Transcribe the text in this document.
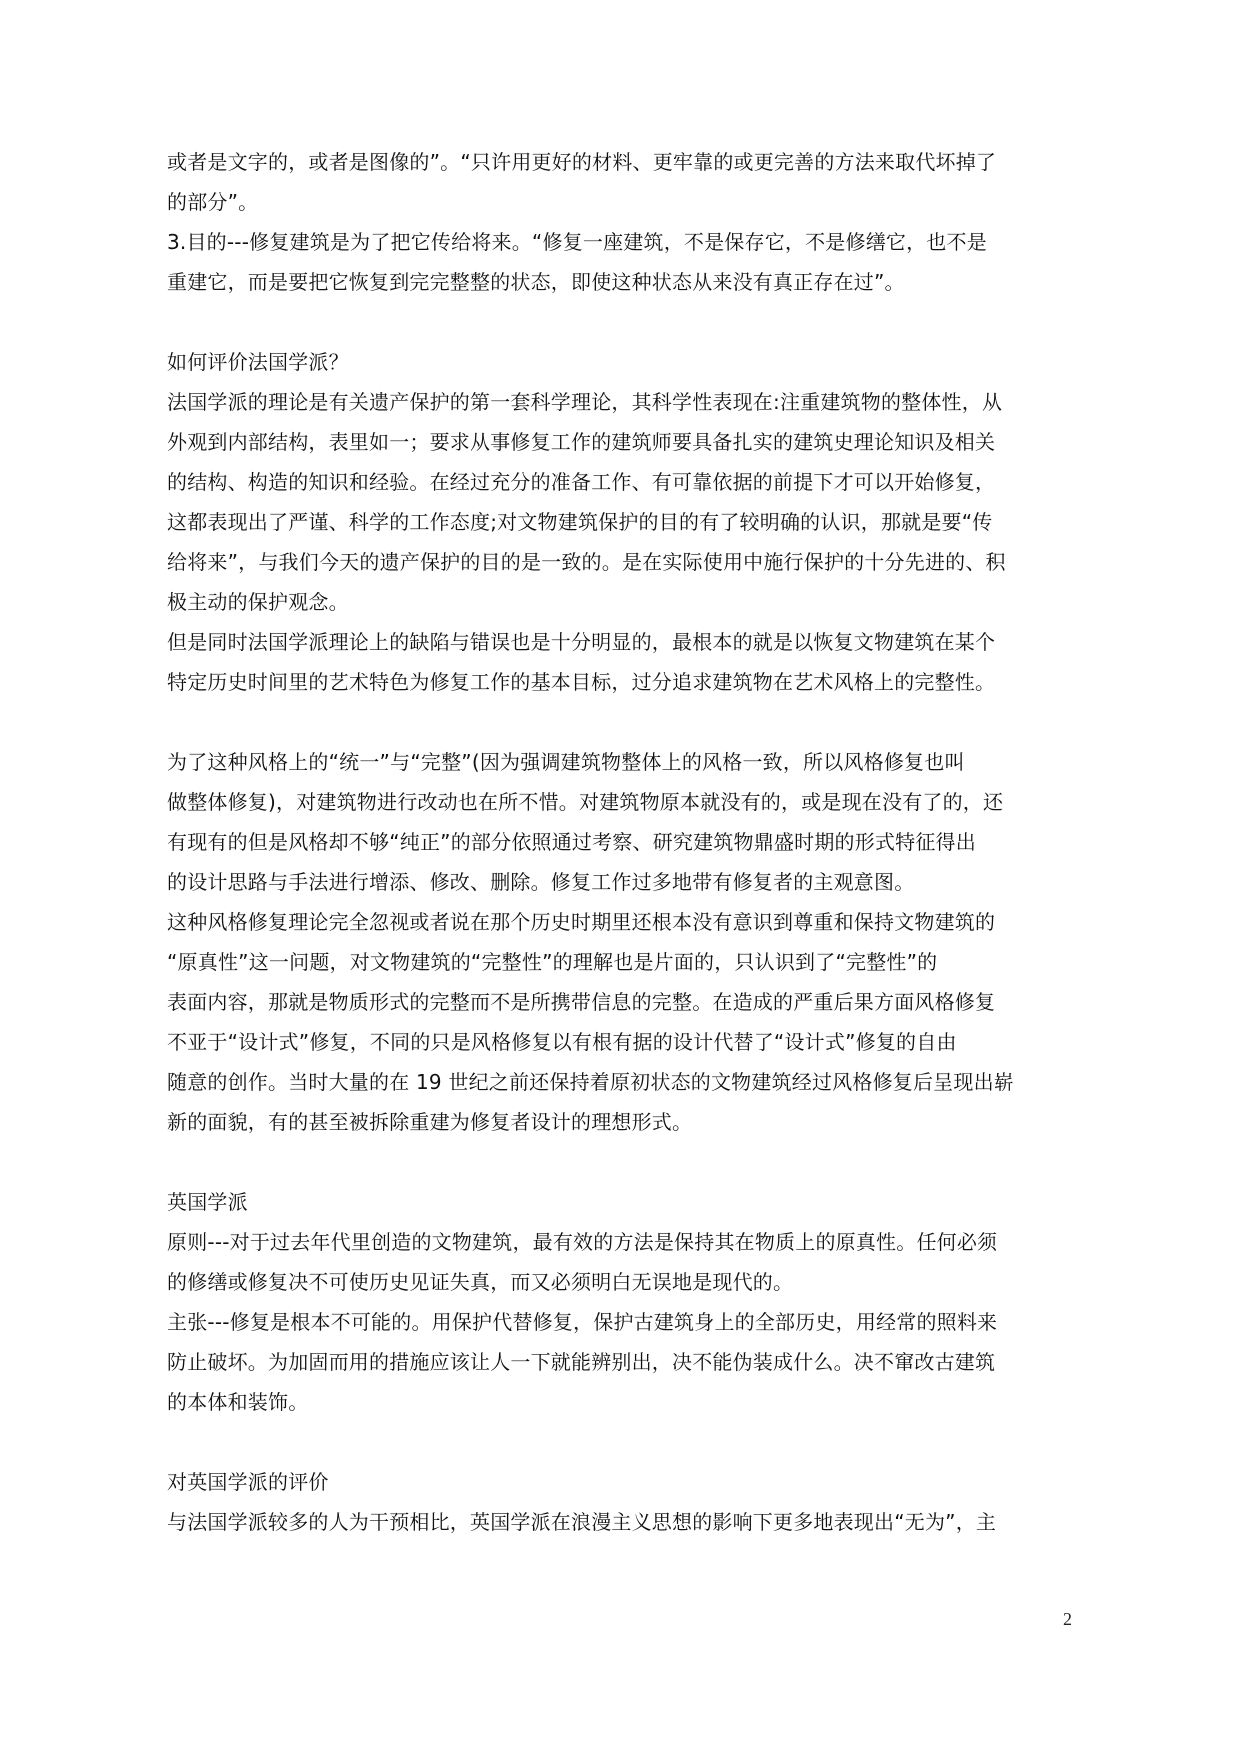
或者是文字的，或者是图像的”。“只许用更好的材料、更牢靠的或更完善的方法来取代坏掉了
的部分”。
3.目的---修复建筑是为了把它传给将来。“修复一座建筑，不是保存它，不是修缮它，也不是
重建它，而是要把它恢复到完完整整的状态，即使这种状态从来没有真正存在过”。
如何评价法国学派？
法国学派的理论是有关遗产保护的第一套科学理论，其科学性表现在:注重建筑物的整体性，从
外观到内部结构，表里如一；要求从事修复工作的建筑师要具备扎实的建筑史理论知识及相关
的结构、构造的知识和经验。在经过充分的准备工作、有可靠依据的前提下才可以开始修复，
这都表现出了严谨、科学的工作态度;对文物建筑保护的目的有了较明确的认识，那就是要“传
给将来”，与我们今天的遗产保护的目的是一致的。是在实际使用中施行保护的十分先进的、积
极主动的保护观念。
但是同时法国学派理论上的缺陷与错误也是十分明显的，最根本的就是以恢复文物建筑在某个
特定历史时间里的艺术特色为修复工作的基本目标，过分追求建筑物在艺术风格上的完整性。
为了这种风格上的“统一”与“完整”(因为强调建筑物整体上的风格一致，所以风格修复也叫
做整体修复)，对建筑物进行改动也在所不惜。对建筑物原本就没有的，或是现在没有了的，还
有现有的但是风格却不够“纯正”的部分依照通过考察、研究建筑物鼎盛时期的形式特征得出
的设计思路与手法进行增添、修改、删除。修复工作过多地带有修复者的主观意图。
这种风格修复理论完全忽视或者说在那个历史时期里还根本没有意识到尊重和保持文物建筑的
“原真性”这一问题，对文物建筑的“完整性”的理解也是片面的，只认识到了“完整性”的
表面内容，那就是物质形式的完整而不是所携带信息的完整。在造成的严重后果方面风格修复
不亚于“设计式”修复，不同的只是风格修复以有根有据的设计代替了“设计式”修复的自由
随意的创作。当时大量的在 19 世纪之前还保持着原初状态的文物建筑经过风格修复后呈现出崭
新的面貌，有的甚至被拆除重建为修复者设计的理想形式。
英国学派
原则---对于过去年代里创造的文物建筑，最有效的方法是保持其在物质上的原真性。任何必须
的修缮或修复决不可使历史见证失真，而又必须明白无误地是现代的。
主张---修复是根本不可能的。用保护代替修复，保护古建筑身上的全部历史，用经常的照料来
防止破坏。为加固而用的措施应该让人一下就能辨别出，决不能伪装成什么。决不窜改古建筑
的本体和装饰。
对英国学派的评价
与法国学派较多的人为干预相比，英国学派在浪漫主义思想的影响下更多地表现出“无为”，主
2
